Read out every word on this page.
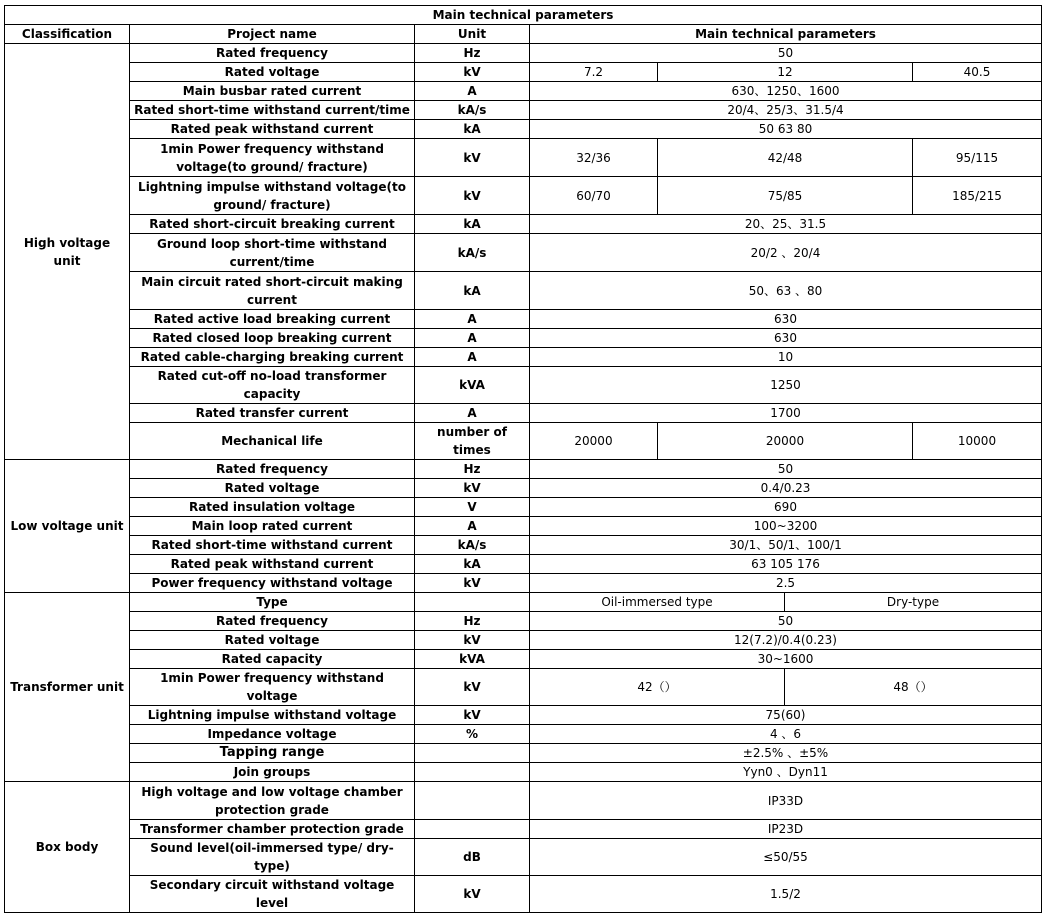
Main technical parameters						
Classification	Project name	Unit	Main technical parameters			
High voltage unit	Rated frequency	Hz	50			
	Rated voltage	kV	7.2	12		40.5
	Main busbar rated current	A	630、1250、1600			
	Rated short-time withstand current/time	kA/s	20/4、25/3、31.5/4			
	Rated peak withstand current	kA	50 63 80			
	1min Power frequency withstand voltage(to ground/ fracture)	kV	32/36	42/48		95/115
	Lightning impulse withstand voltage(to ground/ fracture)	kV	60/70	75/85		185/215
	Rated short-circuit breaking current	kA	20、25、31.5			
	Ground loop short-time withstand current/time	kA/s	20/2 、20/4			
	Main circuit rated short-circuit making current	kA	50、63 、80			
	Rated active load breaking current	A	630			
	Rated closed loop breaking current	A	630			
	Rated cable-charging breaking current	A	10			
	Rated cut-off no-load transformer capacity	kVA	1250			
	Rated transfer current	A	1700			
	Mechanical life	number of times	20000	20000		10000
Low voltage unit	Rated frequency	Hz	50			
	Rated voltage	kV	0.4/0.23			
	Rated insulation voltage	V	690			
	Main loop rated current	A	100~3200			
	Rated short-time withstand current	kA/s	30/1、50/1、100/1			
	Rated peak withstand current	kA	63 105 176			
	Power frequency withstand voltage	kV	2.5			
Transformer unit	Type		Oil-immersed type		Dry-type	
	Rated frequency	Hz	50			
	Rated voltage	kV	12(7.2)/0.4(0.23)			
	Rated capacity	kVA	30~1600			
	1min Power frequency withstand voltage	kV	42（）		48（）	
	Lightning impulse withstand voltage	kV	75(60)			
	Impedance voltage	%	4 、6			
	Tapping range		±2.5% 、±5%			
	Join groups		Yyn0 、Dyn11			
Box body	High voltage and low voltage chamber protection grade		IP33D			
	Transformer chamber protection grade		IP23D			
	Sound level(oil-immersed type/ dry-type)	dB	≤50/55			
	Secondary circuit withstand voltage level	kV	1.5/2			
